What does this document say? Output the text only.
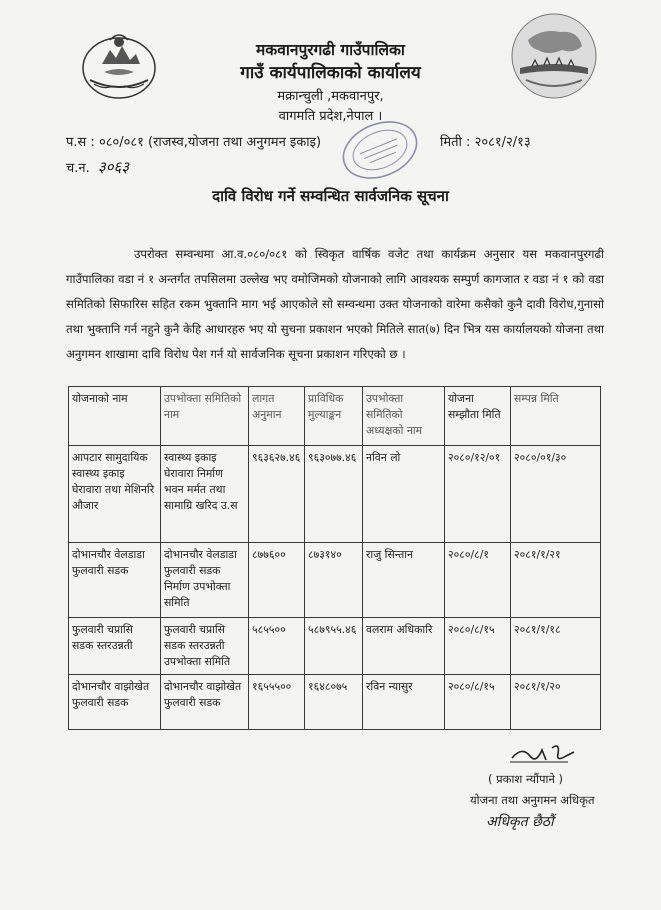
मकवानपुरगढी गाउँपालिका
गाउँ कार्यपालिकाको कार्यालय
मक्रान्चुली ,मकवानपुर,
वागमति प्रदेश,नेपाल ।
प.स : ०८०/०८१ (राजस्व,योजना तथा अनुगमन इकाइ)	मिती : २०८१/२/१३
च.न. ३०६३
दावि विरोध गर्ने सम्वन्धित सार्वजनिक सूचना
उपरोक्त सम्वन्धमा आ.व.०८०/०८१ को स्विकृत वार्षिक वजेट तथा कार्यक्रम अनुसार यस मकवानपुरगढी गाउँपालिका वडा नं १ अन्तर्गत तपसिलमा उल्लेख भए वमोजिमको योजनाको लागि आवश्यक सम्पुर्ण कागजात र वडा नं १ को वडा समितिको सिफारिस सहित रकम भुक्तानि माग भई आएकोले सो सम्वन्धमा उक्त योजनाको वारेमा कसैको कुनै दावी विरोध,गुनासो तथा भुक्तानि गर्न नहुने कुनै केहि आधारहरु भए यो सुचना प्रकाशन भएको मितिले सात(७) दिन भित्र यस कार्यालयको योजना तथा अनुगमन शाखामा दावि विरोध पेश गर्न यो सार्वजनिक सूचना प्रकाशन गरिएको छ ।
योजनाको नाम	उपभोक्ता समितिको नाम	लागत अनुमान	प्राविधिक मुल्याङ्कन	उपभोक्ता समितिको अध्यक्षको नाम	योजना सम्झौता मिति	सम्पन्न मिति
आपटार सामुदायिक स्वास्थ्य इकाइ घेरावारा तथा मेशिनरि औजार	स्वास्थ्य इकाइ घेरावारा निर्माण भवन मर्मत तथा सामाग्रि खरिद उ.स	९६३६२७.४६	९६३०७७.४६	नविन लो	२०८०/१२/०१	२०८०/०१/३०
दोभानचौर वेलडाडा फुलवारी सडक	दोभानचौर वेलडाडा फुलवारी सडक निर्माण उपभोक्ता समिति	८७७६००	८७३१४०	राजु सिन्तान	२०८०/८/१	२०८१/१/२१
फुलवारी चप्रासि सडक स्तरउन्नती	फुलवारी चप्रासि सडक स्तरउन्नती उपभोक्ता समिति	५८५५००	५८७९५५.४६	वलराम अधिकारि	२०८०/८/१५	२०८१/१/१८
दोभानचौर वाझोखेत फुलवारी सडक	दोभानचौर वाझोखेत फुलवारी सडक	१६५५५००	१६४८०७५	रविन न्यासुर	२०८०/८/१५	२०८१/१/२०
( प्रकाश न्यौंपाने )
योजना तथा अनुगमन अधिकृत
अधिकृत छैठौं
